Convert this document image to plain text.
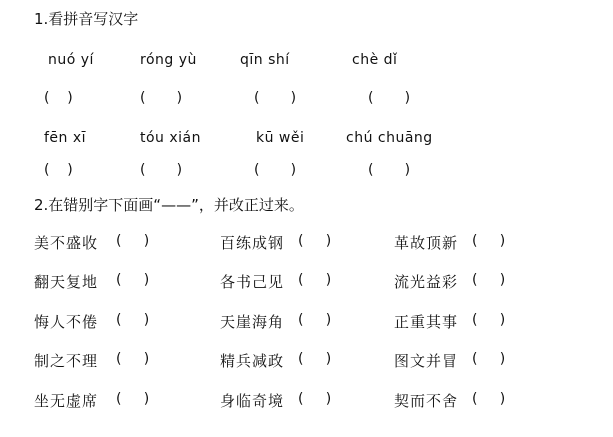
1.看拼音写汉字
nuó yí	róng yù	qīn shí	chè dǐ
(    )	(       )	(       )	(       )
fēn xī	tóu xián	kū wěi	chú chuāng
(    )	(       )	(       )	(       )
2.在错别字下面画“——”，并改正过来。
美不盛收 (     )	百练成钢 (     )	革故顶新 (     )
翻天复地 (     )	各书己见 (     )	流光益彩 (     )
悔人不倦 (     )	天崖海角 (     )	正重其事 (     )
制之不理 (     )	精兵减政 (     )	图文并冒 (     )
坐无虚席 (     )	身临奇境 (     )	契而不舍 (     )
